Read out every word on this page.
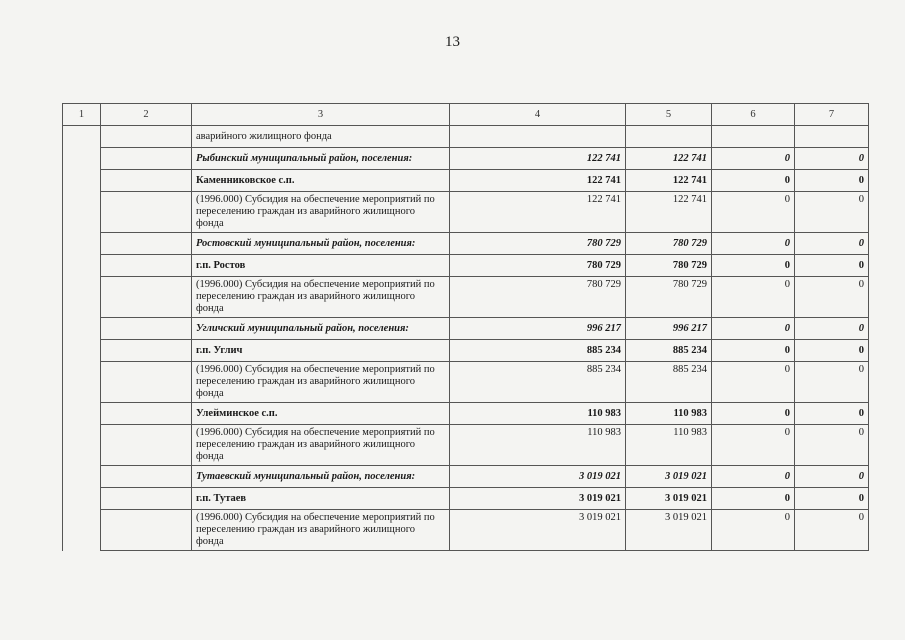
13
1	2	3	4	5	6	7
		аварийного жилищного фонда				
		Рыбинский муниципальный район, поселения:	122 741	122 741	0	0
		Каменниковское с.п.	122 741	122 741	0	0
		(1996.000) Субсидия на обеспечение мероприятий по переселению граждан из аварийного жилищного фонда	122 741	122 741	0	0
		Ростовский муниципальный район, поселения:	780 729	780 729	0	0
		г.п. Ростов	780 729	780 729	0	0
		(1996.000) Субсидия на обеспечение мероприятий по переселению граждан из аварийного жилищного фонда	780 729	780 729	0	0
		Угличский муниципальный район, поселения:	996 217	996 217	0	0
		г.п. Углич	885 234	885 234	0	0
		(1996.000) Субсидия на обеспечение мероприятий по переселению граждан из аварийного жилищного фонда	885 234	885 234	0	0
		Улейминское с.п.	110 983	110 983	0	0
		(1996.000) Субсидия на обеспечение мероприятий по переселению граждан из аварийного жилищного фонда	110 983	110 983	0	0
		Тутаевский муниципальный район, поселения:	3 019 021	3 019 021	0	0
		г.п. Тутаев	3 019 021	3 019 021	0	0
		(1996.000) Субсидия на обеспечение мероприятий по переселению граждан из аварийного жилищного фонда	3 019 021	3 019 021	0	0
